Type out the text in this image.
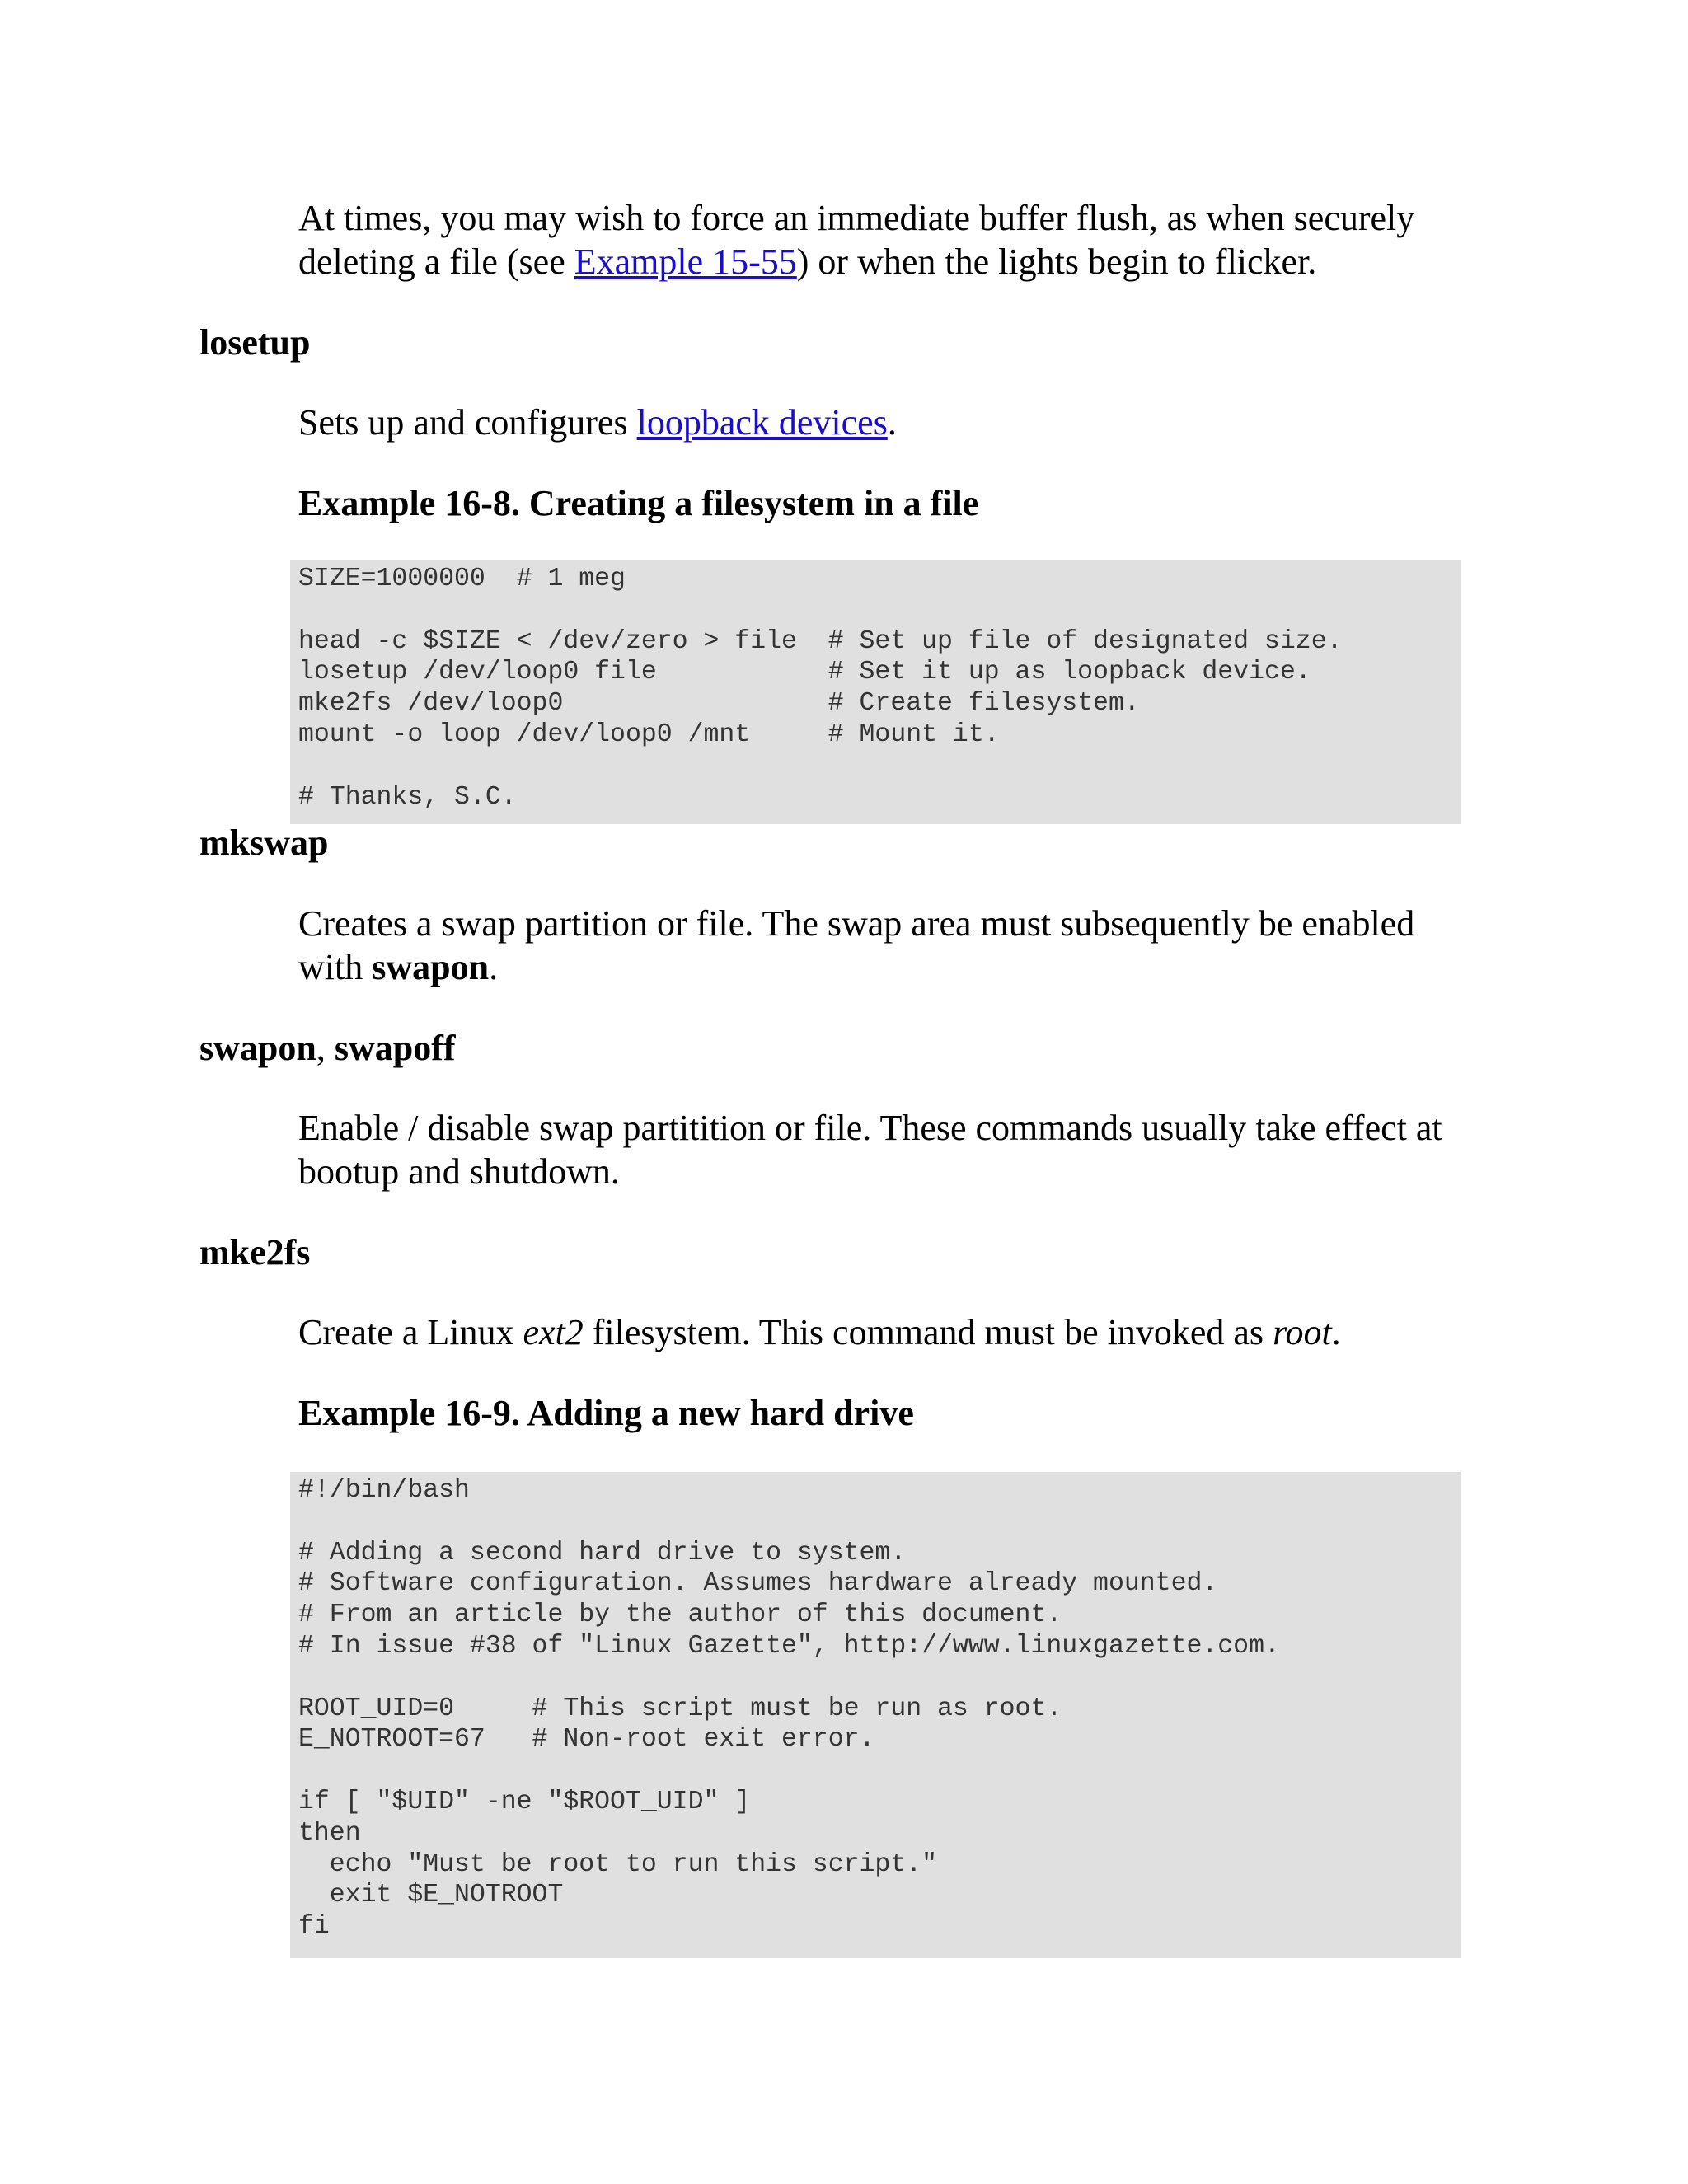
At times, you may wish to force an immediate buffer flush, as when securely

deleting a file (see Example 15-55) or when the lights begin to flicker.

losetup

Sets up and configures loopback devices.

Example 16-8. Creating a filesystem in a file

SIZE=1000000  # 1 meg

head -c $SIZE < /dev/zero > file  # Set up file of designated size.
losetup /dev/loop0 file           # Set it up as loopback device.
mke2fs /dev/loop0                 # Create filesystem.
mount -o loop /dev/loop0 /mnt     # Mount it.

# Thanks, S.C.

mkswap

Creates a swap partition or file. The swap area must subsequently be enabled

with swapon.

swapon, swapoff

Enable / disable swap partitition or file. These commands usually take effect at

bootup and shutdown.

mke2fs

Create a Linux ext2 filesystem. This command must be invoked as root.

Example 16-9. Adding a new hard drive

#!/bin/bash

# Adding a second hard drive to system.
# Software configuration. Assumes hardware already mounted.
# From an article by the author of this document.
# In issue #38 of "Linux Gazette", http://www.linuxgazette.com.

ROOT_UID=0     # This script must be run as root.
E_NOTROOT=67   # Non-root exit error.

if [ "$UID" -ne "$ROOT_UID" ]
then
echo "Must be root to run this script."
exit $E_NOTROOT
fi
